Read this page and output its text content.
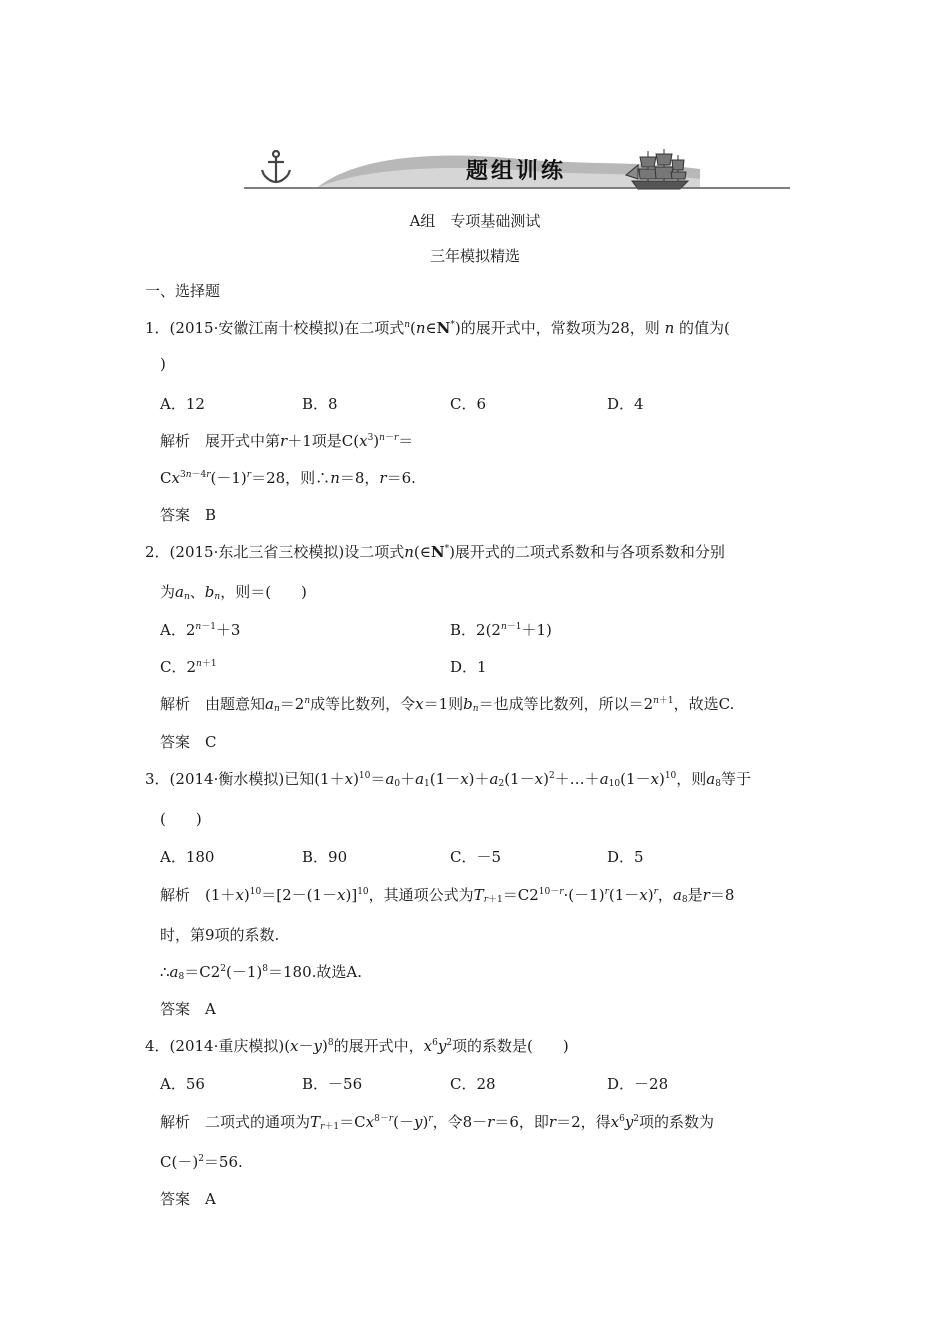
题组训练
A组　专项基础测试
三年模拟精选
一、选择题
1．(2015·安徽江南十校模拟)在二项式$^n$(n∈N*)的展开式中，常数项为28，则 n 的值为(
)
A．12	B．8	C．6	D．4
解析　 展开式中第r＋1项是$C(x^3)^{n-r}=$
$Cx^{3n-4r}(-1)^r=28$，则∴n＝8，r＝6.
答案　 B
2．(2015·东北三省三校模拟)设二项式n(∈N*)展开式的二项式系数和与各项系数和分别
为$a_n$、$b_n$，则＝(　　)
A．$2^{n-1}+3$	B．$2(2^{n-1}+1)$
C．$2^{n+1}$	D．1
解析　 由题意知$a_n=2^n$成等比数列，令x＝1则$b_n=$也成等比数列，所以$=2^{n+1}$，故选C.
答案　 C
3．(2014·衡水模拟)已知$(1+x)^{10}=a_0+a_1(1-x)+a_2(1-x)^2+\dots+a_{10}(1-x)^{10}$，则$a_8$等于
(　　)
A．180	B．90	C．－5	D．5
解析　 $(1+x)^{10}=[2-(1-x)]^{10}$，其通项公式为$T_{r+1}=C2^{10-r}\cdot(-1)^r(1-x)^r$，$a_8$是r＝8
时，第9项的系数.
$\therefore a_8=C2^2(-1)^8=180$.故选A.
答案　 A
4．(2014·重庆模拟)$(x-y)^8$的展开式中，$x^6y^2$项的系数是(　　)
A．56	B．－56	C．28	D．－28
解析　 二项式的通项为$T_{r+1}=Cx^{8-r}(-y)^r$，令8－r＝6，即r＝2，得$x^6y^2$项的系数为
$C(-)^2=56$.
答案　 A
